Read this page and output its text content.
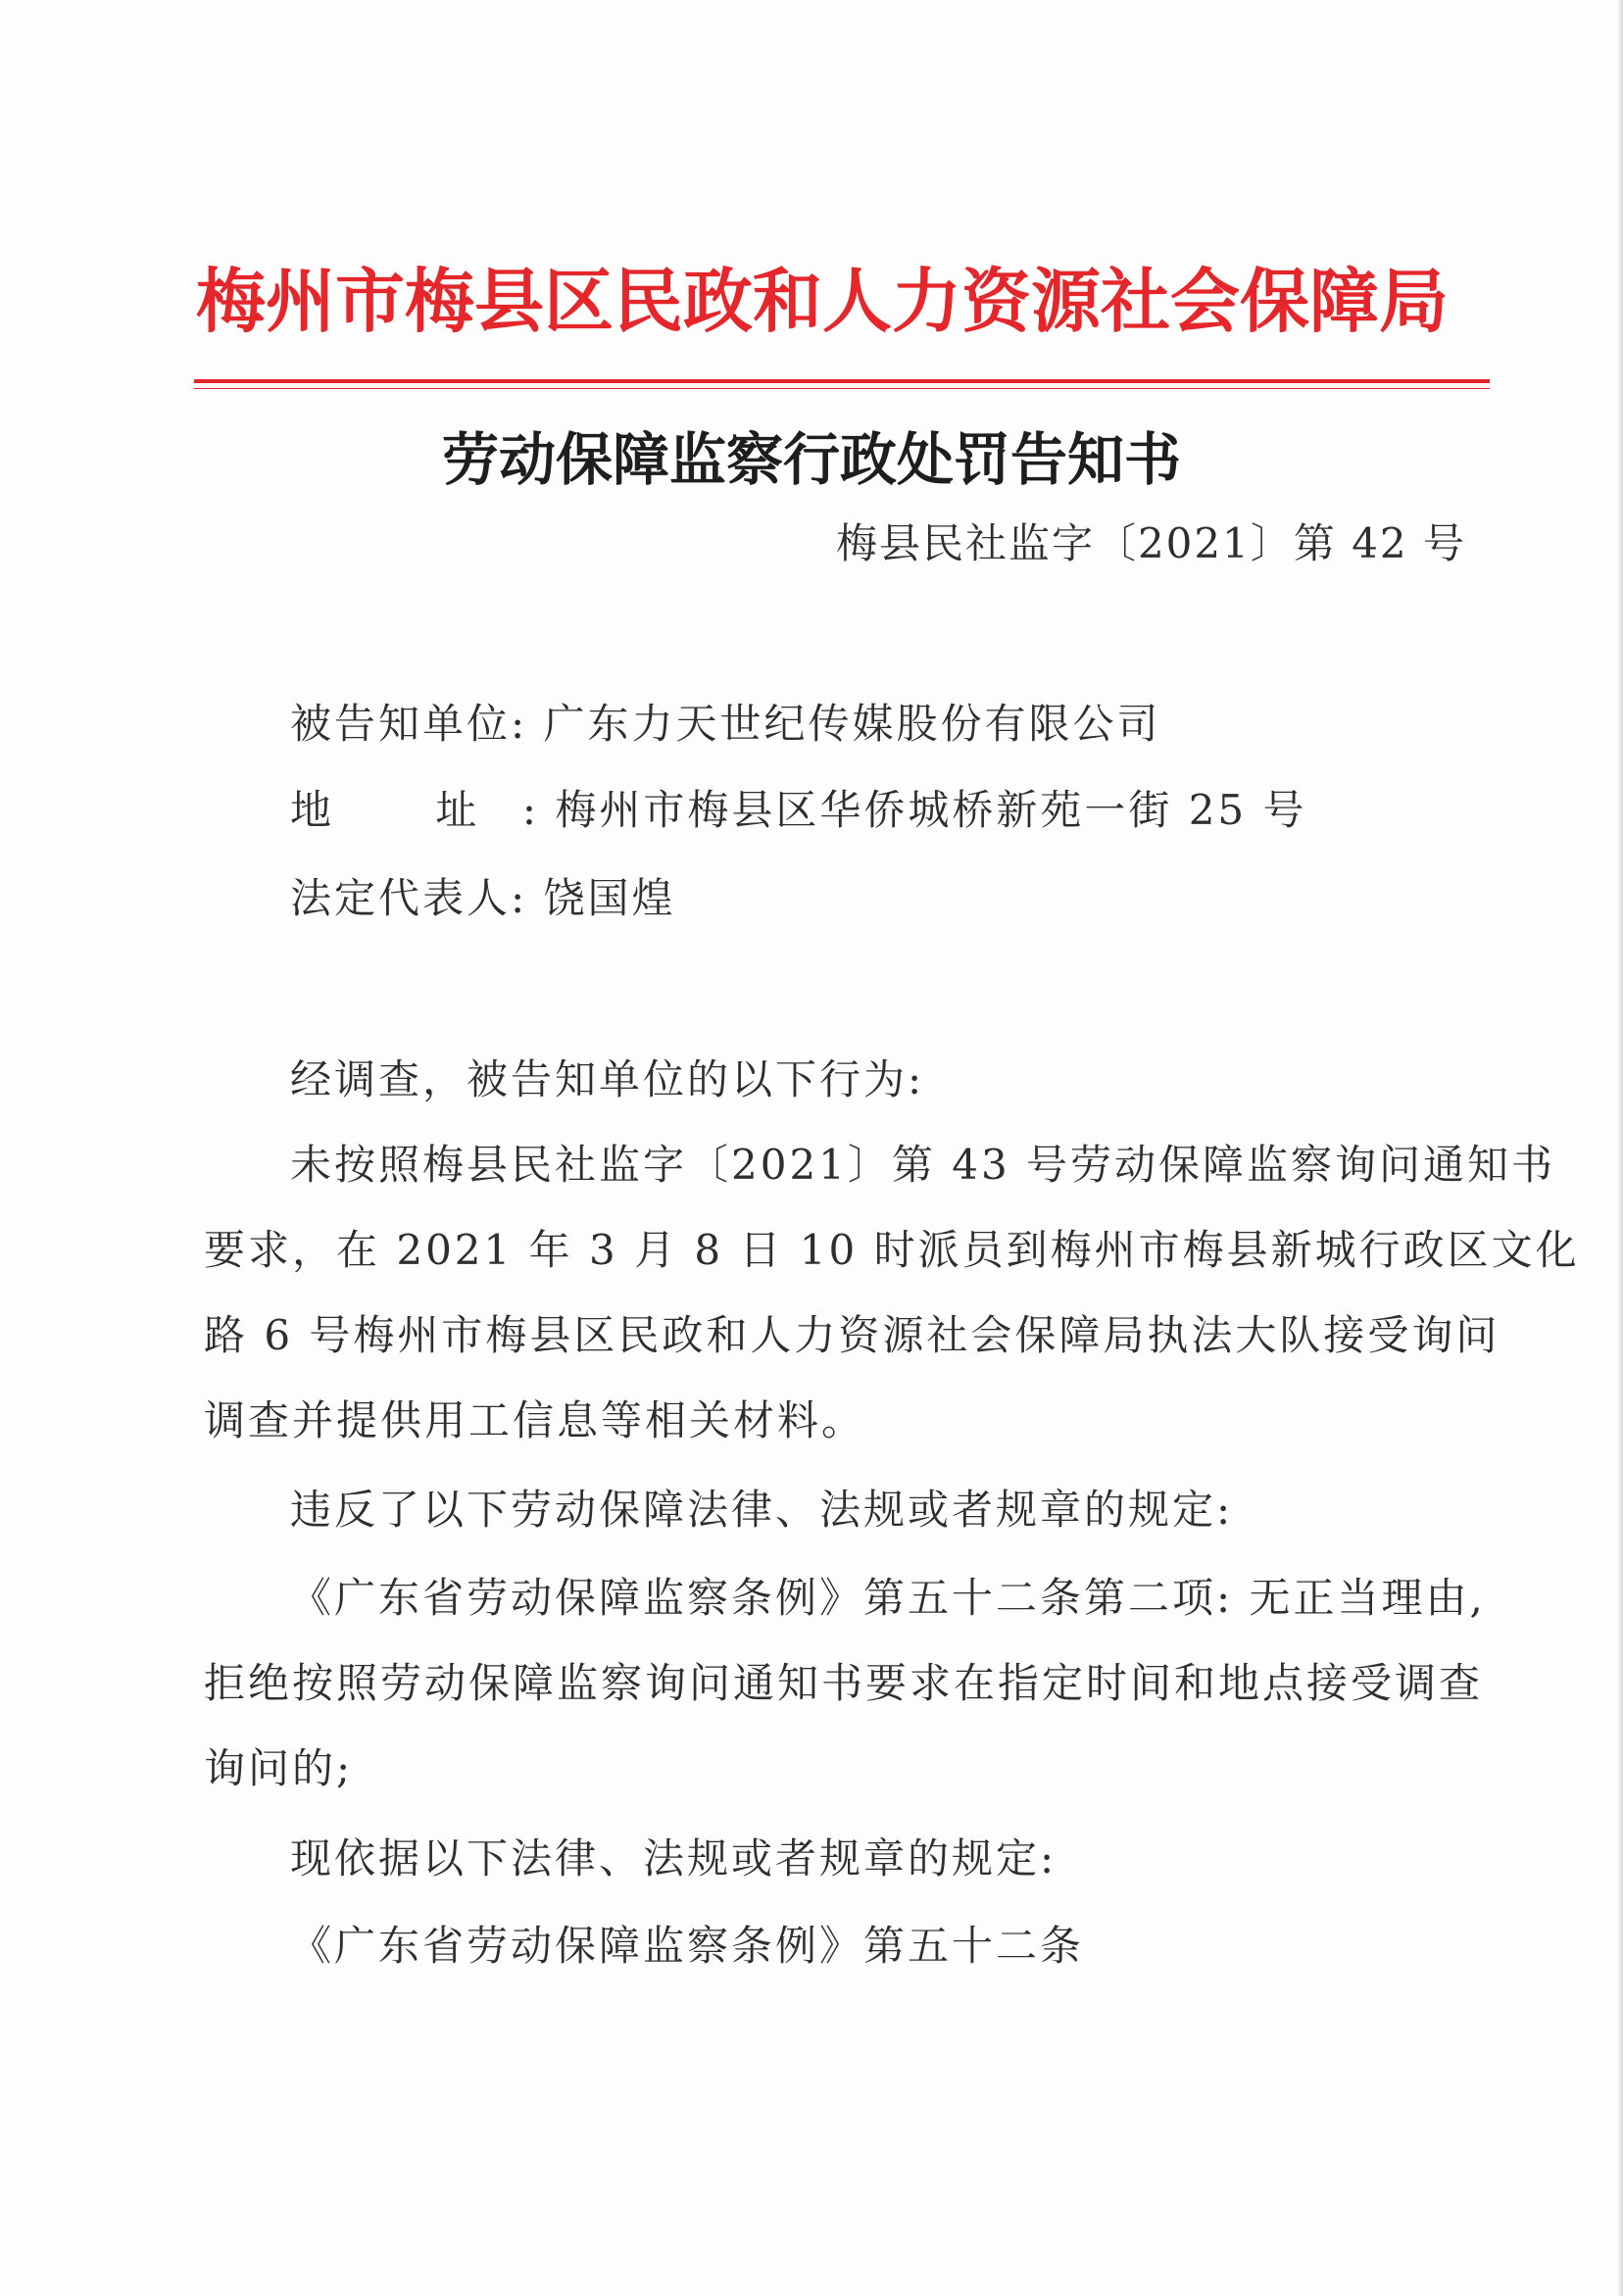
梅州市梅县区民政和人力资源社会保障局
劳动保障监察行政处罚告知书
梅县民社监字〔2021〕第 42 号
被告知单位: 广东力天世纪传媒股份有限公司
地 址: 梅州市梅县区华侨城桥新苑一街 25 号
法定代表人: 饶国煌
经调查，被告知单位的以下行为:
未按照梅县民社监字〔2021〕第 43 号劳动保障监察询问通知书
要求，在 2021 年 3 月 8 日 10 时派员到梅州市梅县新城行政区文化
路 6 号梅州市梅县区民政和人力资源社会保障局执法大队接受询问
调查并提供用工信息等相关材料。
违反了以下劳动保障法律、法规或者规章的规定:
《广东省劳动保障监察条例》第五十二条第二项: 无正当理由,
拒绝按照劳动保障监察询问通知书要求在指定时间和地点接受调查
询问的;
现依据以下法律、法规或者规章的规定:
《广东省劳动保障监察条例》第五十二条
